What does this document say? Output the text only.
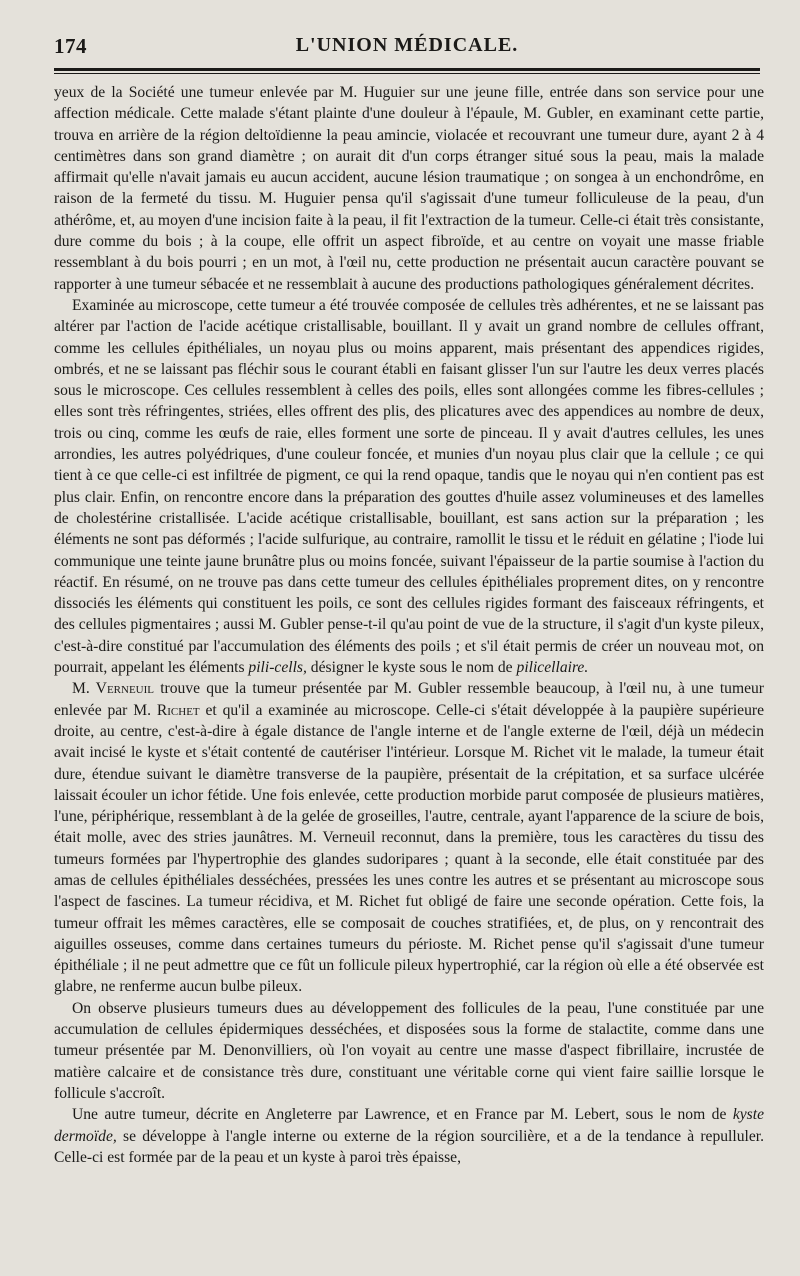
174	L'UNION MÉDICALE.

yeux de la Société une tumeur enlevée par M. Huguier sur une jeune fille, entrée dans son service pour une affection médicale. Cette malade s'étant plainte d'une douleur à l'épaule, M. Gubler, en examinant cette partie, trouva en arrière de la région deltoïdienne la peau amincie, violacée et recouvrant une tumeur dure, ayant 2 à 4 centimètres dans son grand diamètre ; on aurait dit d'un corps étranger situé sous la peau, mais la malade affirmait qu'elle n'avait jamais eu aucun accident, aucune lésion traumatique ; on songea à un enchondrôme, en raison de la fermeté du tissu. M. Huguier pensa qu'il s'agissait d'une tumeur folliculeuse de la peau, d'un athérôme, et, au moyen d'une incision faite à la peau, il fit l'extraction de la tumeur. Celle-ci était très consistante, dure comme du bois ; à la coupe, elle offrit un aspect fibroïde, et au centre on voyait une masse friable ressemblant à du bois pourri ; en un mot, à l'œil nu, cette production ne présentait aucun caractère pouvant se rapporter à une tumeur sébacée et ne ressemblait à aucune des productions pathologiques généralement décrites.

Examinée au microscope, cette tumeur a été trouvée composée de cellules très adhérentes, et ne se laissant pas altérer par l'action de l'acide acétique cristallisable, bouillant. Il y avait un grand nombre de cellules offrant, comme les cellules épithéliales, un noyau plus ou moins apparent, mais présentant des appendices rigides, ombrés, et ne se laissant pas fléchir sous le courant établi en faisant glisser l'un sur l'autre les deux verres placés sous le microscope. Ces cellules ressemblent à celles des poils, elles sont allongées comme les fibres-cellules ; elles sont très réfringentes, striées, elles offrent des plis, des plicatures avec des appendices au nombre de deux, trois ou cinq, comme les œufs de raie, elles forment une sorte de pinceau. Il y avait d'autres cellules, les unes arrondies, les autres polyédriques, d'une couleur foncée, et munies d'un noyau plus clair que la cellule ; ce qui tient à ce que celle-ci est infiltrée de pigment, ce qui la rend opaque, tandis que le noyau qui n'en contient pas est plus clair. Enfin, on rencontre encore dans la préparation des gouttes d'huile assez volumineuses et des lamelles de cholestérine cristallisée. L'acide acétique cristallisable, bouillant, est sans action sur la préparation ; les éléments ne sont pas déformés ; l'acide sulfurique, au contraire, ramollit le tissu et le réduit en gélatine ; l'iode lui communique une teinte jaune brunâtre plus ou moins foncée, suivant l'épaisseur de la partie soumise à l'action du réactif. En résumé, on ne trouve pas dans cette tumeur des cellules épithéliales proprement dites, on y rencontre dissociés les éléments qui constituent les poils, ce sont des cellules rigides formant des faisceaux réfringents, et des cellules pigmentaires ; aussi M. Gubler pense-t-il qu'au point de vue de la structure, il s'agit d'un kyste pileux, c'est-à-dire constitué par l'accumulation des éléments des poils ; et s'il était permis de créer un nouveau mot, on pourrait, appelant les éléments pili-cells, désigner le kyste sous le nom de pilicellaire.

M. Verneuil trouve que la tumeur présentée par M. Gubler ressemble beaucoup, à l'œil nu, à une tumeur enlevée par M. Richet et qu'il a examinée au microscope. Celle-ci s'était développée à la paupière supérieure droite, au centre, c'est-à-dire à égale distance de l'angle interne et de l'angle externe de l'œil, déjà un médecin avait incisé le kyste et s'était contenté de cautériser l'intérieur. Lorsque M. Richet vit le malade, la tumeur était dure, étendue suivant le diamètre transverse de la paupière, présentait de la crépitation, et sa surface ulcérée laissait écouler un ichor fétide. Une fois enlevée, cette production morbide parut composée de plusieurs matières, l'une, périphérique, ressemblant à de la gelée de groseilles, l'autre, centrale, ayant l'apparence de la sciure de bois, était molle, avec des stries jaunâtres. M. Verneuil reconnut, dans la première, tous les caractères du tissu des tumeurs formées par l'hypertrophie des glandes sudoripares ; quant à la seconde, elle était constituée par des amas de cellules épithéliales desséchées, pressées les unes contre les autres et se présentant au microscope sous l'aspect de fascines. La tumeur récidiva, et M. Richet fut obligé de faire une seconde opération. Cette fois, la tumeur offrait les mêmes caractères, elle se composait de couches stratifiées, et, de plus, on y rencontrait des aiguilles osseuses, comme dans certaines tumeurs du périoste. M. Richet pense qu'il s'agissait d'une tumeur épithéliale ; il ne peut admettre que ce fût un follicule pileux hypertrophié, car la région où elle a été observée est glabre, ne renferme aucun bulbe pileux.

On observe plusieurs tumeurs dues au développement des follicules de la peau, l'une constituée par une accumulation de cellules épidermiques desséchées, et disposées sous la forme de stalactite, comme dans une tumeur présentée par M. Denonvilliers, où l'on voyait au centre une masse d'aspect fibrillaire, incrustée de matière calcaire et de consistance très dure, constituant une véritable corne qui vient faire saillie lorsque le follicule s'accroît.

Une autre tumeur, décrite en Angleterre par Lawrence, et en France par M. Lebert, sous le nom de kyste dermoïde, se développe à l'angle interne ou externe de la région sourcilière, et a de la tendance à repulluler. Celle-ci est formée par de la peau et un kyste à paroi très épaisse,
